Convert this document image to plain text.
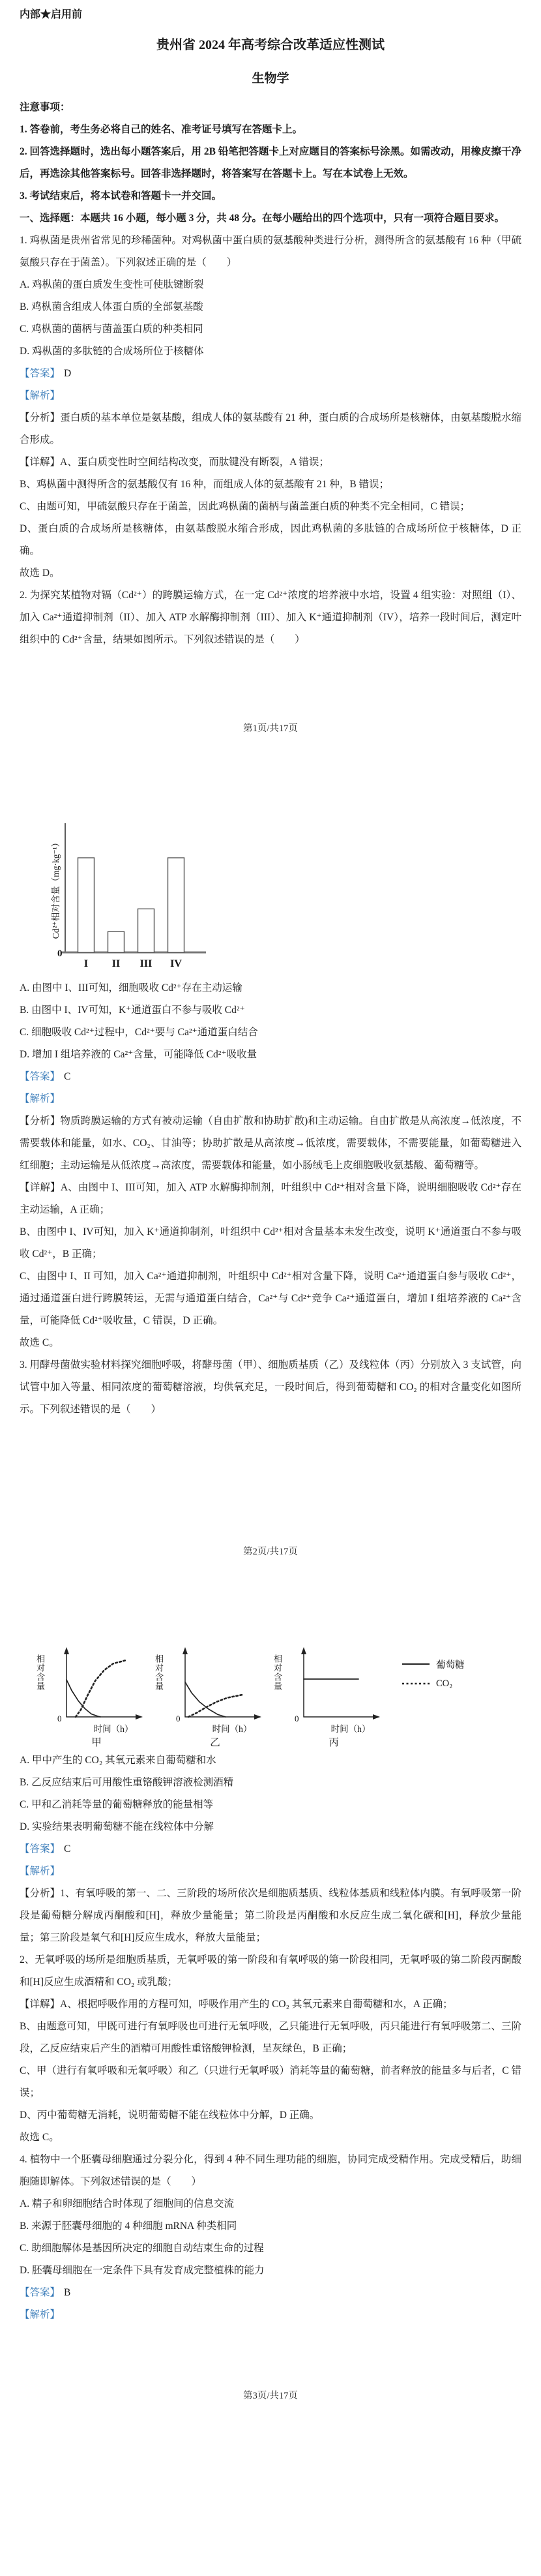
内部★启用前
贵州省 2024 年高考综合改革适应性测试
生物学

注意事项：

1. 答卷前，考生务必将自己的姓名、准考证号填写在答题卡上。

2. 回答选择题时，选出每小题答案后，用 2B 铅笔把答题卡上对应题目的答案标号涂黑。如需改动，用橡皮擦干净后，再选涂其他答案标号。回答非选择题时，将答案写在答题卡上。写在本试卷上无效。

3. 考试结束后，将本试卷和答题卡一并交回。

一、选择题：本题共 16 小题，每小题 3 分，共 48 分。在每小题给出的四个选项中，只有一项符合题目要求。

1. 鸡枞菌是贵州省常见的珍稀菌种。对鸡枞菌中蛋白质的氨基酸种类进行分析，测得所含的氨基酸有 16 种（甲硫氨酸只存在于菌盖）。下列叙述正确的是（　　）

A. 鸡枞菌的蛋白质发生变性可使肽键断裂

B. 鸡枞菌含组成人体蛋白质的全部氨基酸

C. 鸡枞菌的菌柄与菌盖蛋白质的种类相同

D. 鸡枞菌的多肽链的合成场所位于核糖体

【答案】 D

【解析】

【分析】蛋白质的基本单位是氨基酸，组成人体的氨基酸有 21 种，蛋白质的合成场所是核糖体，由氨基酸脱水缩合形成。

【详解】A、蛋白质变性时空间结构改变，而肽键没有断裂，A 错误；

B、鸡枞菌中测得所含的氨基酸仅有 16 种，而组成人体的氨基酸有 21 种，B 错误；

C、由题可知，甲硫氨酸只存在于菌盖，因此鸡枞菌的菌柄与菌盖蛋白质的种类不完全相同，C 错误；

D、蛋白质的合成场所是核糖体，由氨基酸脱水缩合形成，因此鸡枞菌的多肽链的合成场所位于核糖体，D 正确。

故选 D。

2. 为探究某植物对镉（Cd²⁺）的跨膜运输方式，在一定 Cd²⁺浓度的培养液中水培，设置 4 组实验：对照组（I）、加入 Ca²⁺通道抑制剂（II）、加入 ATP 水解酶抑制剂（III）、加入 K⁺通道抑制剂（IV），培养一段时间后，测定叶组织中的 Cd²⁺含量，结果如图所示。下列叙述错误的是（　　）

第1页/共17页
Cd²⁺相对含量（mg·kg⁻¹）
I II III IV
0

A. 由图中 I、III可知，细胞吸收 Cd²⁺存在主动运输

B. 由图中 I、IV可知，K⁺通道蛋白不参与吸收 Cd²⁺

C. 细胞吸收 Cd²⁺过程中，Cd²⁺要与 Ca²⁺通道蛋白结合

D. 增加 I 组培养液的 Ca²⁺含量，可能降低 Cd²⁺吸收量

【答案】 C

【解析】

【分析】物质跨膜运输的方式有被动运输（自由扩散和协助扩散)和主动运输。自由扩散是从高浓度→低浓度，不需要载体和能量，如水、CO₂、甘油等；协助扩散是从高浓度→低浓度，需要载体，不需要能量，如葡萄糖进入红细胞；主动运输是从低浓度→高浓度，需要载体和能量，如小肠绒毛上皮细胞吸收氨基酸、葡萄糖等。

【详解】A、由图中 I、III可知，加入 ATP 水解酶抑制剂，叶组织中 Cd²⁺相对含量下降，说明细胞吸收 Cd²⁺存在主动运输，A 正确；

B、由图中 I、IV可知，加入 K⁺通道抑制剂，叶组织中 Cd²⁺相对含量基本未发生改变，说明 K⁺通道蛋白不参与吸收 Cd²⁺，B 正确；

C、由图中 I、II 可知，加入 Ca²⁺通道抑制剂，叶组织中 Cd²⁺相对含量下降，说明 Ca²⁺通道蛋白参与吸收 Cd²⁺，通过通道蛋白进行跨膜转运，无需与通道蛋白结合，Ca²⁺与 Cd²⁺竞争 Ca²⁺通道蛋白，增加 I 组培养液的 Ca²⁺含量，可能降低 Cd²⁺吸收量，C 错误，D 正确。

故选 C。

3. 用酵母菌做实验材料探究细胞呼吸，将酵母菌（甲）、细胞质基质（乙）及线粒体（丙）分别放入 3 支试管，向试管中加入等量、相同浓度的葡萄糖溶液，均供氧充足，一段时间后，得到葡萄糖和 CO₂ 的相对含量变化如图所示。下列叙述错误的是（　　）

第2页/共17页
相对含量
0
时间（h）
甲
相对含量
0
时间（h）
乙
相对含量
0
时间（h）
丙
葡萄糖
CO₂

A. 甲中产生的 CO₂ 其氧元素来自葡萄糖和水

B. 乙反应结束后可用酸性重铬酸钾溶液检测酒精

C. 甲和乙消耗等量的葡萄糖释放的能量相等

D. 实验结果表明葡萄糖不能在线粒体中分解

【答案】 C

【解析】

【分析】1、有氧呼吸的第一、二、三阶段的场所依次是细胞质基质、线粒体基质和线粒体内膜。有氧呼吸第一阶段是葡萄糖分解成丙酮酸和[H]，释放少量能量；第二阶段是丙酮酸和水反应生成二氧化碳和[H]，释放少量能量；第三阶段是氧气和[H]反应生成水，释放大量能量；

2、无氧呼吸的场所是细胞质基质，无氧呼吸的第一阶段和有氧呼吸的第一阶段相同，无氧呼吸的第二阶段丙酮酸和[H]反应生成酒精和 CO₂ 或乳酸；

【详解】A、根据呼吸作用的方程可知，呼吸作用产生的 CO₂ 其氧元素来自葡萄糖和水，A 正确；

B、由题意可知，甲既可进行有氧呼吸也可进行无氧呼吸，乙只能进行无氧呼吸，丙只能进行有氧呼吸第二、三阶段，乙反应结束后产生的酒精可用酸性重铬酸钾检测，呈灰绿色，B 正确；

C、甲（进行有氧呼吸和无氧呼吸）和乙（只进行无氧呼吸）消耗等量的葡萄糖，前者释放的能量多与后者，C 错误；

D、丙中葡萄糖无消耗，说明葡萄糖不能在线粒体中分解，D 正确。

故选 C。

4. 植物中一个胚囊母细胞通过分裂分化，得到 4 种不同生理功能的细胞，协同完成受精作用。完成受精后，助细胞随即解体。下列叙述错误的是（　　）

A. 精子和卵细胞结合时体现了细胞间的信息交流

B. 来源于胚囊母细胞的 4 种细胞 mRNA 种类相同

C. 助细胞解体是基因所决定的细胞自动结束生命的过程

D. 胚囊母细胞在一定条件下具有发育成完整植株的能力

【答案】 B

【解析】

第3页/共17页
